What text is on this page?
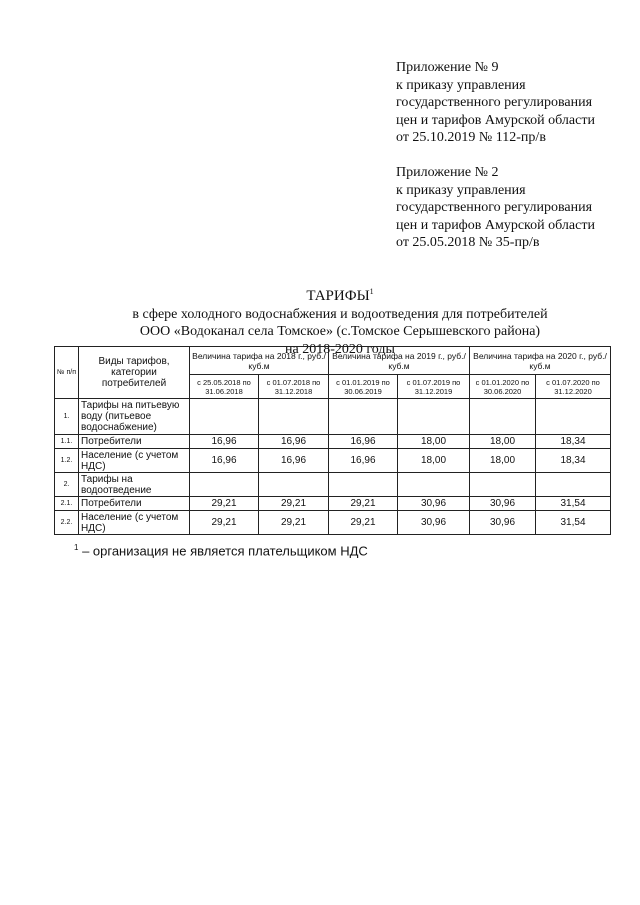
Приложение № 9
к приказу управления
государственного регулирования
цен и тарифов Амурской области
от 25.10.2019 № 112-пр/в
Приложение № 2
к приказу управления
государственного регулирования
цен и тарифов Амурской области
от 25.05.2018 № 35-пр/в
ТАРИФЫ$^1$
в сфере холодного водоснабжения и водоотведения для потребителей
ООО «Водоканал села Томское» (с.Томское Серышевского района)
на 2018-2020 годы
№ п/п	Виды тарифов, категории потребителей	Величина тарифа на 2018 г., руб./куб.м		Величина тарифа на 2019 г., руб./куб.м		Величина тарифа на 2020 г., руб./куб.м	
		с 25.05.2018 по 31.06.2018	с 01.07.2018 по 31.12.2018	с 01.01.2019 по 30.06.2019	с 01.07.2019 по 31.12.2019	с 01.01.2020 по 30.06.2020	с 01.07.2020 по 31.12.2020
1.	Тарифы на питьевую воду (питьевое водоснабжение)						
1.1.	Потребители	16,96	16,96	16,96	18,00	18,00	18,34
1.2.	Население (с учетом НДС)	16,96	16,96	16,96	18,00	18,00	18,34
2.	Тарифы на водоотведение						
2.1.	Потребители	29,21	29,21	29,21	30,96	30,96	31,54
2.2.	Население (с учетом НДС)	29,21	29,21	29,21	30,96	30,96	31,54
$^1$ – организация не является плательщиком НДС
